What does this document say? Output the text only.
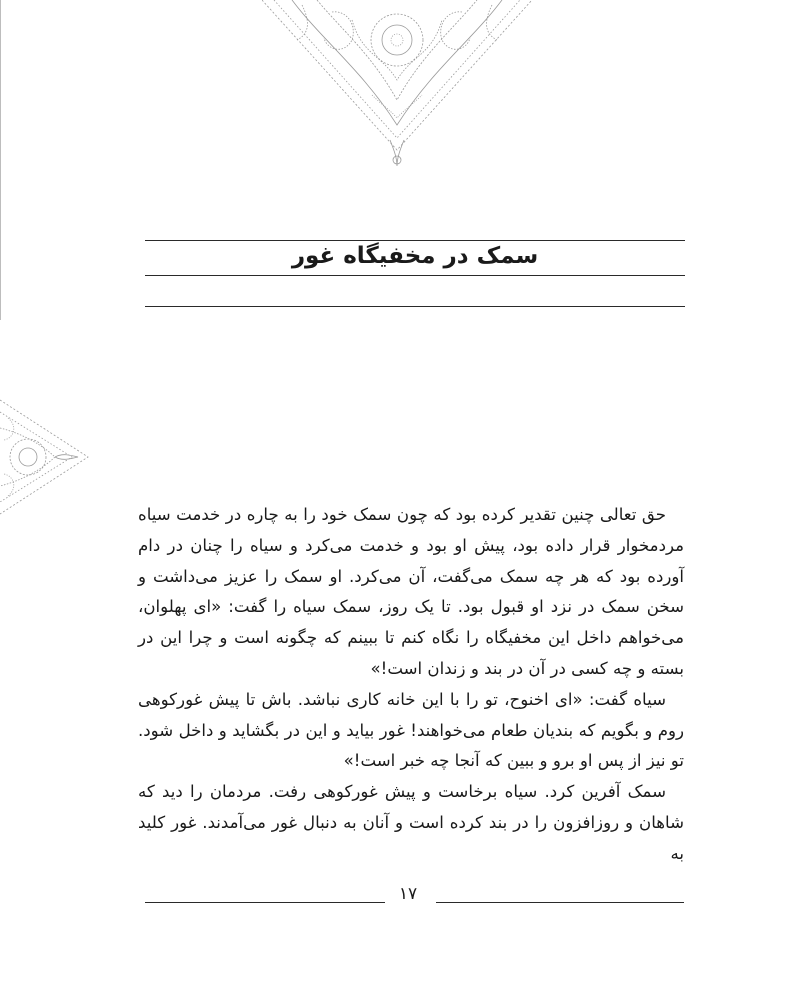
سمک در مخفیگاه غور

حق تعالی چنین تقدیر کرده بود که چون سمک خود را به چاره در خدمت سیاه مردمخوار قرار داده بود، پیش او بود و خدمت می‌کرد و سیاه را چنان در دام آورده بود که هر چه سمک می‌گفت، آن می‌کرد. او سمک را عزیز می‌داشت و سخن سمک در نزد او قبول بود. تا یک روز، سمک سیاه را گفت: «ای پهلوان، می‌خواهم داخل این مخفیگاه را نگاه کنم تا ببینم که چگونه است و چرا این در بسته و چه کسی در آن در بند و زندان است!»

سیاه گفت: «ای اخنوح، تو را با این خانه کاری نباشد. باش تا پیش غورکوهی روم و بگویم که بندیان طعام می‌خواهند! غور بیاید و این در بگشاید و داخل شود. تو نیز از پس او برو و ببین که آنجا چه خبر است!»

سمک آفرین کرد. سیاه برخاست و پیش غورکوهی رفت. مردمان را دید که شاهان و روزافزون را در بند کرده است و آنان به دنبال غور می‌آمدند. غور کلید به

۱۷
